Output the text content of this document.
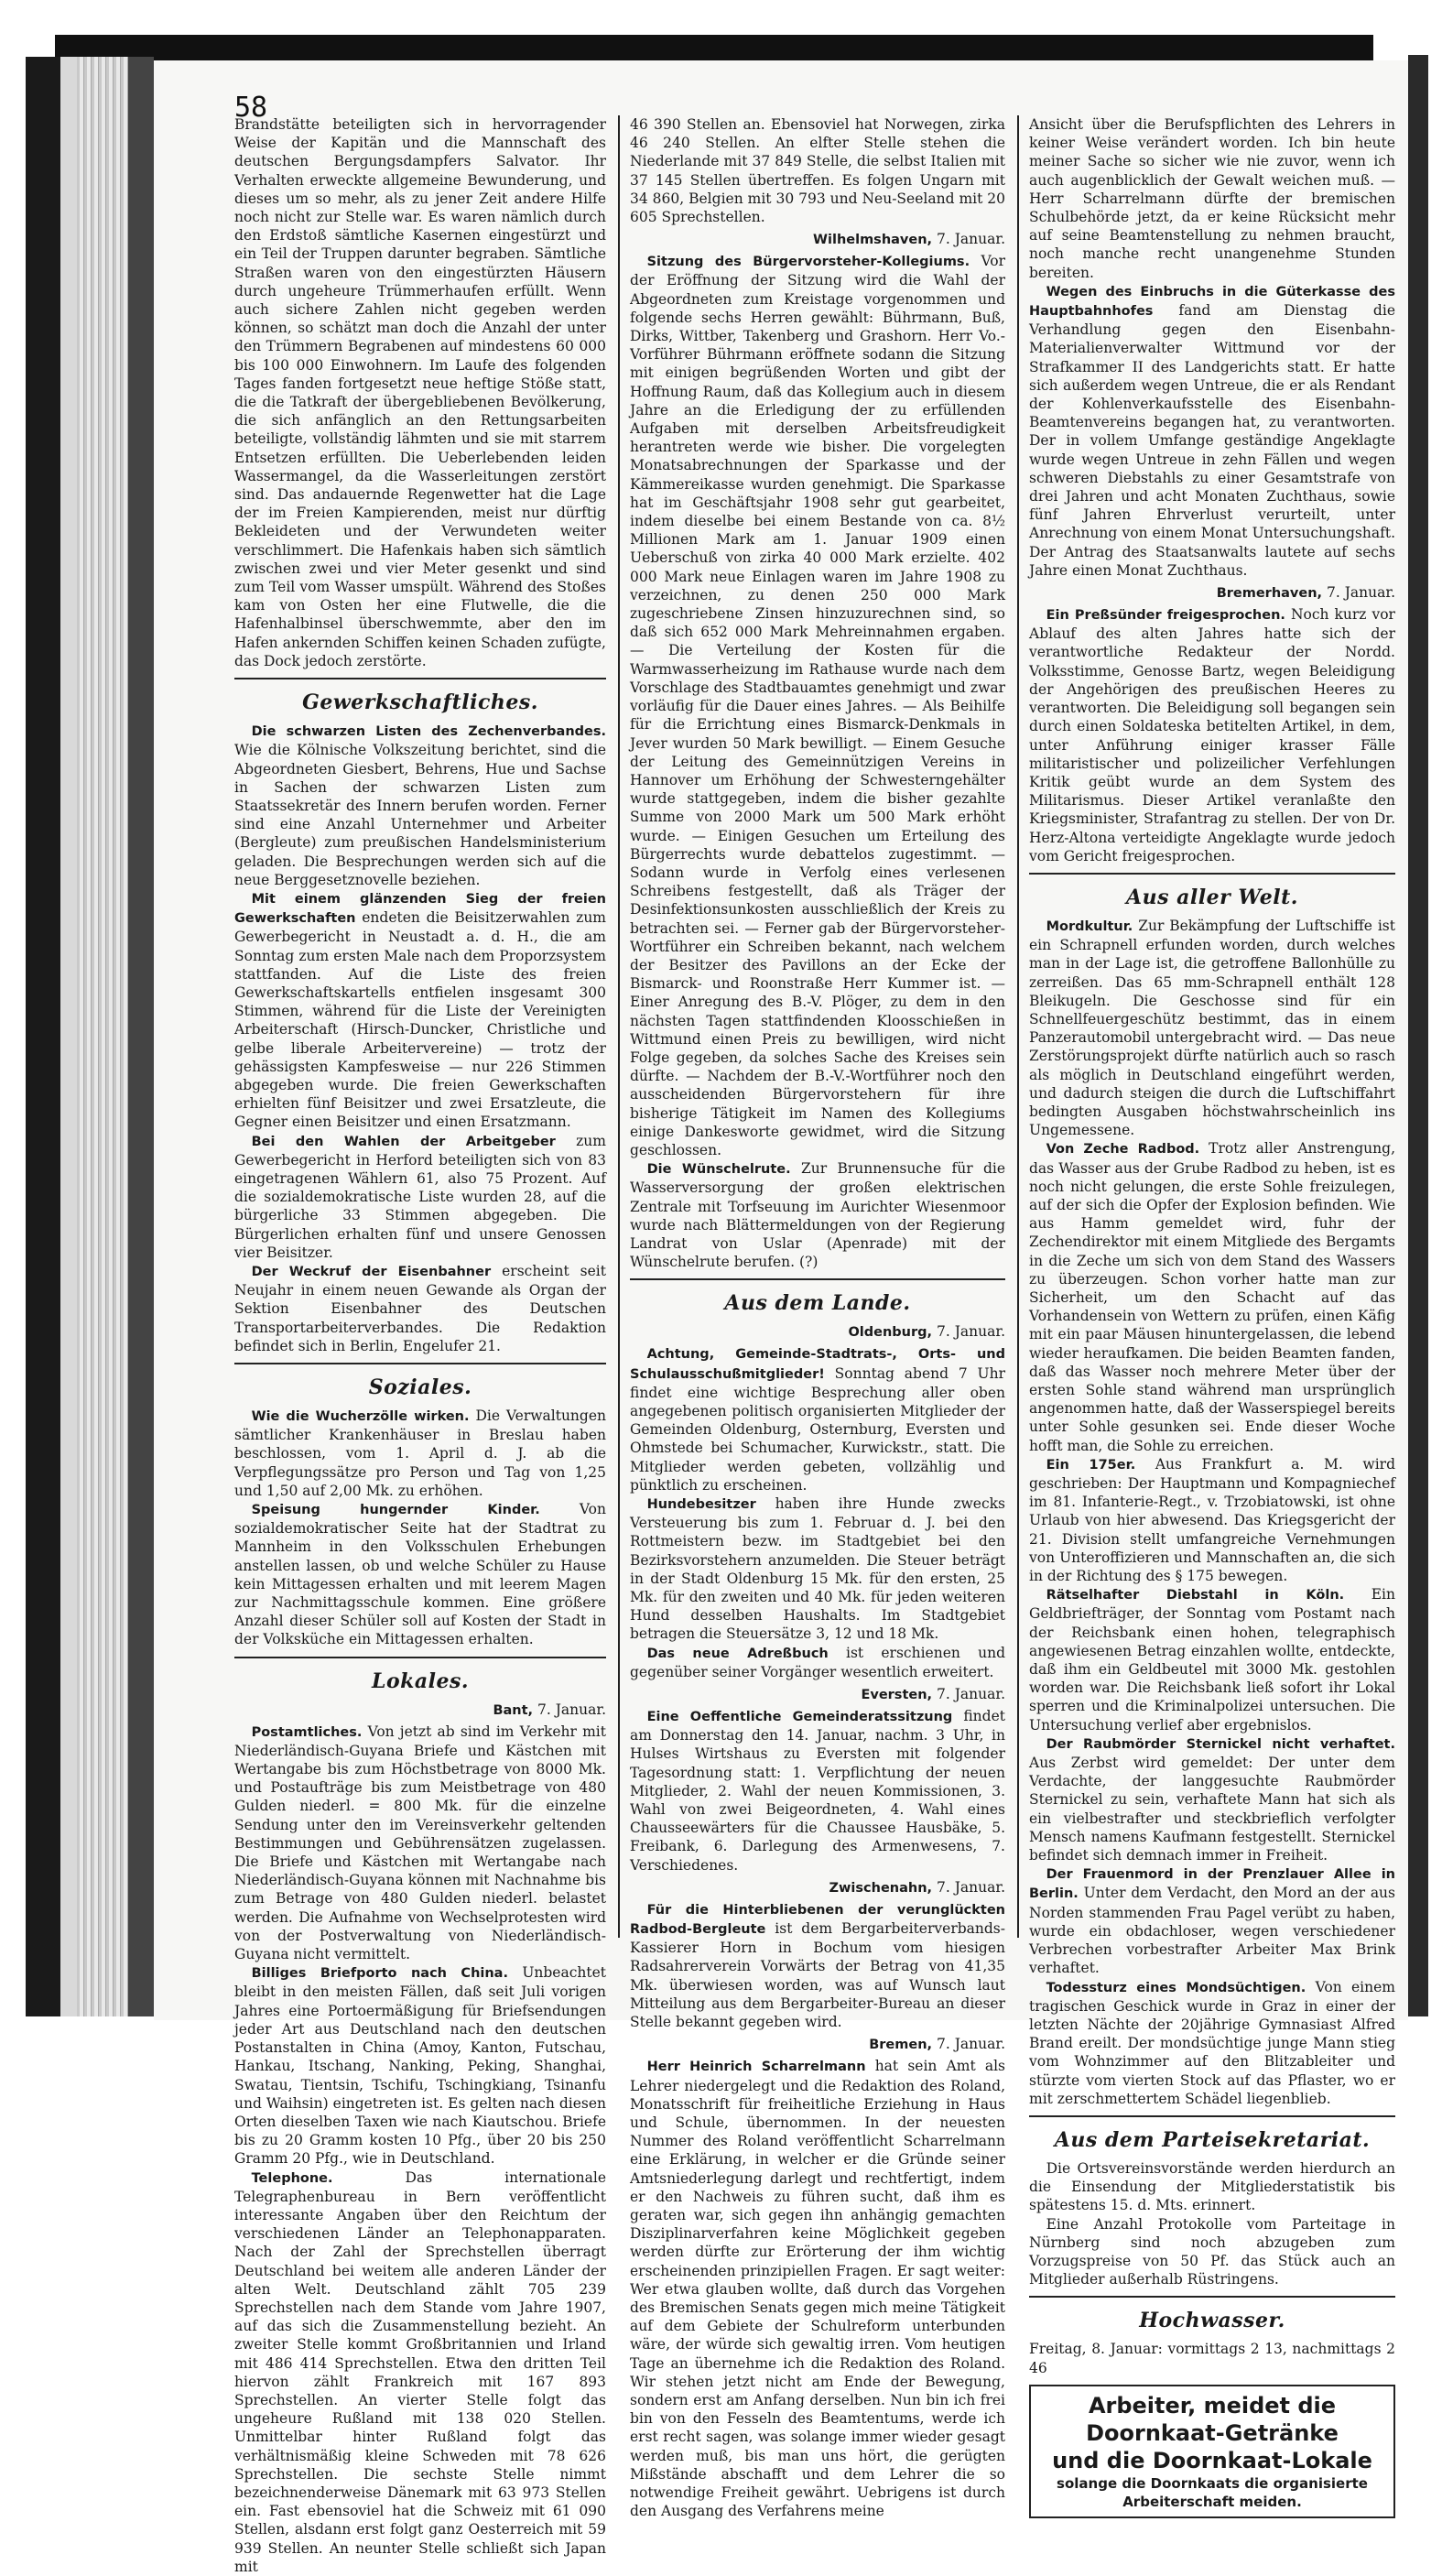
58

Brandstätte beteiligten sich in hervorragender Weise der Kapitän und die Mannschaft des deutschen Bergungsdampfers Salvator. Ihr Verhalten erweckte allgemeine Bewunderung, und dieses um so mehr, als zu jener Zeit andere Hilfe noch nicht zur Stelle war. Es waren nämlich durch den Erdstoß sämtliche Kasernen eingestürzt und ein Teil der Truppen darunter begraben. Sämtliche Straßen waren von den eingestürzten Häusern durch ungeheure Trümmerhaufen erfüllt. Wenn auch sichere Zahlen nicht gegeben werden können, so schätzt man doch die Anzahl der unter den Trümmern Begrabenen auf mindestens 60 000 bis 100 000 Einwohnern. Im Laufe des folgenden Tages fanden fortgesetzt neue heftige Stöße statt, die die Tatkraft der übergebliebenen Bevölkerung, die sich anfänglich an den Rettungsarbeiten beteiligte, vollständig lähmten und sie mit starrem Entsetzen erfüllten. Die Ueberlebenden leiden Wassermangel, da die Wasserleitungen zerstört sind. Das andauernde Regenwetter hat die Lage der im Freien Kampierenden, meist nur dürftig Bekleideten und der Verwundeten weiter verschlimmert. Die Hafenkais haben sich sämtlich zwischen zwei und vier Meter gesenkt und sind zum Teil vom Wasser umspült. Während des Stoßes kam von Osten her eine Flutwelle, die die Hafenhalbinsel überschwemmte, aber den im Hafen ankernden Schiffen keinen Schaden zufügte, das Dock jedoch zerstörte.

Gewerkschaftliches.

Die schwarzen Listen des Zechenverbandes. Wie die Kölnische Volkszeitung berichtet, sind die Abgeordneten Giesbert, Behrens, Hue und Sachse in Sachen der schwarzen Listen zum Staatssekretär des Innern berufen worden. Ferner sind eine Anzahl Unternehmer und Arbeiter (Bergleute) zum preußischen Handelsministerium geladen. Die Besprechungen werden sich auf die neue Berggesetznovelle beziehen.

Mit einem glänzenden Sieg der freien Gewerkschaften endeten die Beisitzerwahlen zum Gewerbegericht in Neustadt a. d. H., die am Sonntag zum ersten Male nach dem Proporzsystem stattfanden. Auf die Liste des freien Gewerkschaftskartells entfielen insgesamt 300 Stimmen, während für die Liste der Vereinigten Arbeiterschaft (Hirsch-Duncker, Christliche und gelbe liberale Arbeitervereine) — trotz der gehässigsten Kampfesweise — nur 226 Stimmen abgegeben wurde. Die freien Gewerkschaften erhielten fünf Beisitzer und zwei Ersatzleute, die Gegner einen Beisitzer und einen Ersatzmann.

Bei den Wahlen der Arbeitgeber zum Gewerbegericht in Herford beteiligten sich von 83 eingetragenen Wählern 61, also 75 Prozent. Auf die sozialdemokratische Liste wurden 28, auf die bürgerliche 33 Stimmen abgegeben. Die Bürgerlichen erhalten fünf und unsere Genossen vier Beisitzer.

Der Weckruf der Eisenbahner erscheint seit Neujahr in einem neuen Gewande als Organ der Sektion Eisenbahner des Deutschen Transportarbeiterverbandes. Die Redaktion befindet sich in Berlin, Engelufer 21.

Soziales.

Wie die Wucherzölle wirken. Die Verwaltungen sämtlicher Krankenhäuser in Breslau haben beschlossen, vom 1. April d. J. ab die Verpflegungssätze pro Person und Tag von 1,25 und 1,50 auf 2,00 Mk. zu erhöhen.

Speisung hungernder Kinder.	Von sozialdemokratischer Seite hat der Stadtrat zu Mannheim in den Volksschulen Erhebungen anstellen lassen, ob und welche Schüler zu Hause kein Mittagessen erhalten und mit leerem Magen zur Nachmittagsschule kommen. Eine größere Anzahl dieser Schüler soll auf Kosten der Stadt in der Volksküche ein Mittagessen erhalten.

Lokales.
Bant, 7. Januar.

Postamtliches. Von jetzt ab sind im Verkehr mit Niederländisch-Guyana Briefe und Kästchen mit Wertangabe bis zum Höchstbetrage von 8000 Mk. und Postaufträge bis zum Meistbetrage von 480 Gulden niederl. = 800 Mk. für die einzelne Sendung unter den im Vereinsverkehr geltenden Bestimmungen und Gebührensätzen zugelassen. Die Briefe und Kästchen mit Wertangabe nach Niederländisch-Guyana können mit Nachnahme bis zum Betrage von 480 Gulden niederl. belastet werden. Die Aufnahme von Wechselprotesten wird von der Postverwaltung von Niederländisch-Guyana nicht vermittelt.

Billiges Briefporto nach China. Unbeachtet bleibt in den meisten Fällen, daß seit Juli vorigen Jahres eine Portoermäßigung für Briefsendungen jeder Art aus Deutschland nach den deutschen Postanstalten in China (Amoy, Kanton, Futschau, Hankau, Itschang, Nanking, Peking, Shanghai, Swatau, Tientsin, Tschifu, Tschingkiang, Tsinanfu und Waihsin) eingetreten ist. Es gelten nach diesen Orten dieselben Taxen wie nach Kiautschou. Briefe bis zu 20 Gramm kosten 10 Pfg., über 20 bis 250 Gramm 20 Pfg., wie in Deutschland.

Telephone.	Das internationale Telegraphenbureau in Bern veröffentlicht interessante Angaben über den Reichtum der verschiedenen Länder an Telephonapparaten. Nach der Zahl der Sprechstellen überragt Deutschland bei weitem alle anderen Länder der alten Welt. Deutschland zählt 705 239 Sprechstellen nach dem Stande vom Jahre 1907, auf das sich die Zusammenstellung bezieht. An zweiter Stelle kommt Großbritannien und Irland mit 486 414 Sprechstellen. Etwa den dritten Teil hiervon zählt Frankreich mit 167 893 Sprechstellen. An vierter Stelle folgt das ungeheure Rußland mit 138 020 Stellen. Unmittelbar hinter Rußland folgt das verhältnismäßig kleine Schweden mit 78 626 Sprechstellen. Die sechste Stelle nimmt bezeichnenderweise Dänemark mit 63 973 Stellen ein. Fast ebensoviel hat die Schweiz mit 61 090 Stellen, alsdann erst folgt ganz Oesterreich mit 59 939 Stellen. An neunter Stelle schließt sich Japan mit

46 390 Stellen an. Ebensoviel hat Norwegen, zirka 46 240 Stellen. An elfter Stelle stehen die Niederlande mit 37 849 Stelle, die selbst Italien mit 37 145 Stellen übertreffen. Es folgen Ungarn mit 34 860, Belgien mit 30 793 und Neu-Seeland mit 20 605 Sprechstellen.

Wilhelmshaven, 7. Januar.

Sitzung des Bürgervorsteher-Kollegiums. Vor der Eröffnung der Sitzung wird die Wahl der Abgeordneten zum Kreistage vorgenommen und folgende sechs Herren gewählt: Bührmann, Buß, Dirks, Wittber, Takenberg und Grashorn. Herr Vo.-Vorführer Bührmann eröffnete sodann die Sitzung mit einigen begrüßenden Worten und gibt der Hoffnung Raum, daß das Kollegium auch in diesem Jahre an die Erledigung der zu erfüllenden Aufgaben mit derselben Arbeitsfreudigkeit herantreten werde wie bisher. Die vorgelegten Monatsabrechnungen der Sparkasse und der Kämmereikasse wurden genehmigt. Die Sparkasse hat im Geschäftsjahr 1908 sehr gut gearbeitet, indem dieselbe bei einem Bestande von ca. 8½ Millionen Mark am 1. Januar 1909 einen Ueberschuß von zirka 40 000 Mark erzielte. 402 000 Mark neue Einlagen waren im Jahre 1908 zu verzeichnen, zu denen 250 000 Mark zugeschriebene Zinsen hinzuzurechnen sind, so daß sich 652 000 Mark Mehreinnahmen ergaben. — Die Verteilung der Kosten für die Warmwasserheizung im Rathause wurde nach dem Vorschlage des Stadtbauamtes genehmigt und zwar vorläufig für die Dauer eines Jahres. — Als Beihilfe für die Errichtung eines Bismarck-Denkmals in Jever wurden 50 Mark bewilligt. — Einem Gesuche der Leitung des Gemeinnützigen Vereins in Hannover um Erhöhung der Schwesterngehälter wurde stattgegeben, indem die bisher gezahlte Summe von 2000 Mark um 500 Mark erhöht wurde. — Einigen Gesuchen um Erteilung des Bürgerrechts wurde debattelos zugestimmt. — Sodann wurde in Verfolg eines verlesenen Schreibens festgestellt, daß als Träger der Desinfektionsunkosten ausschließlich der Kreis zu betrachten sei. — Ferner gab der Bürgervorsteher-Wortführer ein Schreiben bekannt, nach welchem der Besitzer des Pavillons an der Ecke der Bismarck- und Roonstraße Herr Kummer ist. — Einer Anregung des B.-V. Plöger, zu dem in den nächsten Tagen stattfindenden Kloosschießen in Wittmund einen Preis zu bewilligen, wird nicht Folge gegeben, da solches Sache des Kreises sein dürfte. — Nachdem der B.-V.-Wortführer noch den ausscheidenden Bürgervorstehern für ihre bisherige Tätigkeit im Namen des Kollegiums einige Dankesworte gewidmet, wird die Sitzung geschlossen.

Die Wünschelrute. Zur Brunnensuche für die Wasserversorgung der großen elektrischen Zentrale mit Torfseuung im Aurichter Wiesenmoor wurde nach Blättermeldungen von der Regierung Landrat von Uslar (Apenrade) mit der Wünschelrute berufen. (?)

Aus dem Lande.
Oldenburg, 7. Januar.

Achtung, Gemeinde-Stadtrats-, Orts- und Schulausschußmitglieder! Sonntag abend 7 Uhr findet eine wichtige Besprechung aller oben angegebenen politisch organisierten Mitglieder der Gemeinden Oldenburg, Osternburg, Eversten und Ohmstede bei Schumacher, Kurwickstr., statt. Die Mitglieder werden gebeten, vollzählig und pünktlich zu erscheinen.

Hundebesitzer haben ihre Hunde zwecks Versteuerung bis zum 1. Februar d. J. bei den Rottmeistern bezw. im Stadtgebiet bei den Bezirksvorstehern anzumelden. Die Steuer beträgt in der Stadt Oldenburg 15 Mk. für den ersten, 25 Mk. für den zweiten und 40 Mk. für jeden weiteren Hund desselben Haushalts. Im Stadtgebiet betragen die Steuersätze 3, 12 und 18 Mk.

Das neue Adreßbuch ist erschienen und gegenüber seiner Vorgänger wesentlich erweitert.

Eversten, 7. Januar.

Eine Oeffentliche Gemeinderatssitzung findet am Donnerstag den 14. Januar, nachm. 3 Uhr, in Hulses Wirtshaus zu Eversten mit folgender Tagesordnung statt: 1. Verpflichtung der neuen Mitglieder, 2. Wahl der neuen Kommissionen, 3. Wahl von zwei Beigeordneten, 4. Wahl eines Chausseewärters für die Chaussee Hausbäke, 5. Freibank, 6. Darlegung des Armenwesens, 7. Verschiedenes.

Zwischenahn, 7. Januar.

Für die Hinterbliebenen der verunglückten Radbod-Bergleute ist dem Bergarbeiterverbands-Kassierer Horn in Bochum vom hiesigen Radsahrerverein Vorwärts der Betrag von 41,35 Mk. überwiesen worden, was auf Wunsch laut Mitteilung aus dem Bergarbeiter-Bureau an dieser Stelle bekannt gegeben wird.

Bremen, 7. Januar.

Herr Heinrich Scharrelmann hat sein Amt als Lehrer niedergelegt und die Redaktion des Roland, Monatsschrift für freiheitliche Erziehung in Haus und Schule, übernommen. In der neuesten Nummer des Roland veröffentlicht Scharrelmann eine Erklärung, in welcher er die Gründe seiner Amtsniederlegung darlegt und rechtfertigt, indem er den Nachweis zu führen sucht, daß ihm es geraten war, sich gegen ihn anhängig gemachten Disziplinarverfahren keine Möglichkeit gegeben werden dürfte zur Erörterung der ihm wichtig erscheinenden prinzipiellen Fragen. Er sagt weiter: Wer etwa glauben wollte, daß durch das Vorgehen des Bremischen Senats gegen mich meine Tätigkeit auf dem Gebiete der Schulreform unterbunden wäre, der würde sich gewaltig irren. Vom heutigen Tage an übernehme ich die Redaktion des Roland. Wir stehen jetzt nicht am Ende der Bewegung, sondern erst am Anfang derselben. Nun bin ich frei bin von den Fesseln des Beamtentums, werde ich erst recht sagen, was solange immer wieder gesagt werden muß, bis man uns hört, die gerügten Mißstände abschafft und dem Lehrer die so notwendige Freiheit gewährt. Uebrigens ist durch den Ausgang des Verfahrens meine

Ansicht über die Berufspflichten des Lehrers in keiner Weise verändert worden. Ich bin heute meiner Sache so sicher wie nie zuvor, wenn ich auch augenblicklich der Gewalt weichen muß. — Herr Scharrelmann dürfte der bremischen Schulbehörde jetzt, da er keine Rücksicht mehr auf seine Beamtenstellung zu nehmen braucht, noch manche recht unangenehme Stunden bereiten.

Wegen des Einbruchs in die Güterkasse des Hauptbahnhofes fand am Dienstag die Verhandlung gegen den Eisenbahn-Materialienverwalter Wittmund vor der Strafkammer II des Landgerichts statt. Er hatte sich außerdem wegen Untreue, die er als Rendant der Kohlenverkaufsstelle des Eisenbahn-Beamtenvereins begangen hat, zu verantworten. Der in vollem Umfange geständige Angeklagte wurde wegen Untreue in zehn Fällen und wegen schweren Diebstahls zu einer Gesamtstrafe von drei Jahren und acht Monaten Zuchthaus, sowie fünf Jahren Ehrverlust verurteilt, unter Anrechnung von einem Monat Untersuchungshaft. Der Antrag des Staatsanwalts lautete auf sechs Jahre einen Monat Zuchthaus.

Bremerhaven, 7. Januar.

Ein Preßsünder freigesprochen. Noch kurz vor Ablauf des alten Jahres hatte sich der verantwortliche Redakteur der Nordd. Volksstimme, Genosse Bartz, wegen Beleidigung der Angehörigen des preußischen Heeres zu verantworten. Die Beleidigung soll begangen sein durch einen Soldateska betitelten Artikel, in dem, unter Anführung einiger krasser Fälle militaristischer und polizeilicher Verfehlungen Kritik geübt wurde an dem System des Militarismus. Dieser Artikel veranlaßte den Kriegsminister, Strafantrag zu stellen. Der von Dr. Herz-Altona verteidigte Angeklagte wurde jedoch vom Gericht freigesprochen.

Aus aller Welt.

Mordkultur. Zur Bekämpfung der Luftschiffe ist ein Schrapnell erfunden worden, durch welches man in der Lage ist, die getroffene Ballonhülle zu zerreißen. Das 65 mm-Schrapnell enthält 128 Bleikugeln. Die Geschosse sind für ein Schnellfeuergeschütz bestimmt, das in einem Panzerautomobil untergebracht wird. — Das neue Zerstörungsprojekt dürfte natürlich auch so rasch als möglich in Deutschland eingeführt werden, und dadurch steigen die durch die Luftschiffahrt bedingten Ausgaben höchstwahrscheinlich ins Ungemessene.

Von Zeche Radbod. Trotz aller Anstrengung, das Wasser aus der Grube Radbod zu heben, ist es noch nicht gelungen, die erste Sohle freizulegen, auf der sich die Opfer der Explosion befinden. Wie aus Hamm gemeldet wird, fuhr der Zechendirektor mit einem Mitgliede des Bergamts in die Zeche um sich von dem Stand des Wassers zu überzeugen. Schon vorher hatte man zur Sicherheit, um den Schacht auf das Vorhandensein von Wettern zu prüfen, einen Käfig mit ein paar Mäusen hinuntergelassen, die lebend wieder heraufkamen. Die beiden Beamten fanden, daß das Wasser noch mehrere Meter über der ersten Sohle stand während man ursprünglich angenommen hatte, daß der Wasserspiegel bereits unter Sohle gesunken sei. Ende dieser Woche hofft man, die Sohle zu erreichen.

Ein 175er. Aus Frankfurt a. M. wird geschrieben: Der Hauptmann und Kompagniechef im 81. Infanterie-Regt., v. Trzobiatowski, ist ohne Urlaub von hier abwesend. Das Kriegsgericht der 21. Division stellt umfangreiche Vernehmungen von Unteroffizieren und Mannschaften an, die sich in der Richtung des § 175 bewegen.

Rätselhafter Diebstahl in Köln. Ein Geldbriefträger, der Sonntag vom Postamt nach der Reichsbank einen hohen, telegraphisch angewiesenen Betrag einzahlen wollte, entdeckte, daß ihm ein Geldbeutel mit 3000 Mk. gestohlen worden war. Die Reichsbank ließ sofort ihr Lokal sperren und die Kriminalpolizei untersuchen. Die Untersuchung verlief aber ergebnislos.

Der Raubmörder Sternickel nicht verhaftet. Aus Zerbst wird gemeldet: Der unter dem Verdachte, der langgesuchte Raubmörder Sternickel zu sein, verhaftete Mann hat sich als ein vielbestrafter und steckbrieflich verfolgter Mensch namens Kaufmann festgestellt. Sternickel befindet sich demnach immer in Freiheit.

Der Frauenmord in der Prenzlauer Allee in Berlin. Unter dem Verdacht, den Mord an der aus Norden stammenden Frau Pagel verübt zu haben, wurde ein obdachloser, wegen verschiedener Verbrechen vorbestrafter Arbeiter Max Brink verhaftet.

Todessturz eines Mondsüchtigen. Von einem tragischen Geschick wurde in Graz in einer der letzten Nächte der 20jährige Gymnasiast Alfred Brand ereilt. Der mondsüchtige junge Mann stieg vom Wohnzimmer auf den Blitzableiter und stürzte vom vierten Stock auf das Pflaster, wo er mit zerschmettertem Schädel liegenblieb.

Aus dem Parteisekretariat.

Die Ortsvereinsvorstände werden hierdurch an die Einsendung der Mitgliederstatistik bis spätestens 15. d. Mts. erinnert.

Eine Anzahl Protokolle vom Parteitage in Nürnberg sind noch abzugeben zum Vorzugspreise von 50 Pf. das Stück auch an Mitglieder außerhalb Rüstringens.

Hochwasser.

Freitag, 8. Januar: vormittags 2 13, nachmittags 2 46

Arbeiter, meidet die Doornkaat-Getränke
und die Doornkaat-Lokale
solange die Doornkaats die organisierte Arbeiterschaft meiden.
